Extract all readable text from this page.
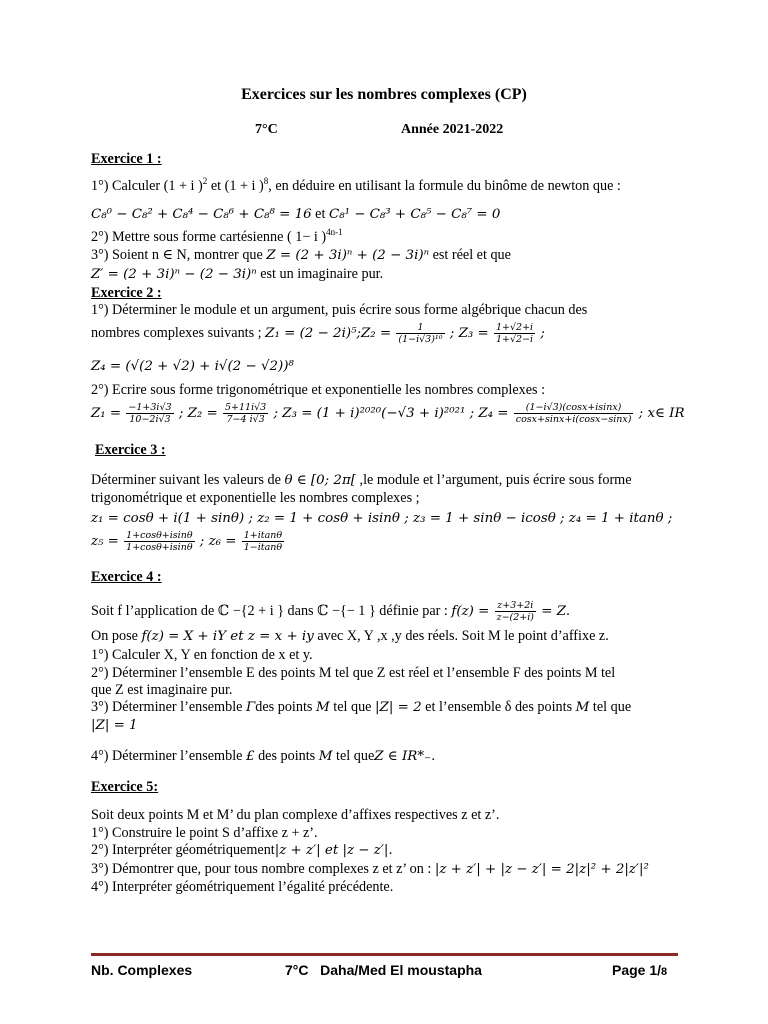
Exercices sur les nombres complexes (CP)
7°C	Année 2021-2022
Exercice 1 :
1°) Calculer (1 + i )$^2$ et (1 + i )$^8$, en déduire en utilisant la formule du binôme de newton que :
C₈⁰ − C₈² + C₈⁴ − C₈⁶ + C₈⁸ = 16 et C₈¹ − C₈³ + C₈⁵ − C₈⁷ = 0
2°) Mettre sous forme cartésienne ( 1− i )$^{4n-1}$
3°) Soient n ∈ N, montrer que Z = (2 + 3i)ⁿ + (2 − 3i)ⁿ est réel et que
Z′ = (2 + 3i)ⁿ − (2 − 3i)ⁿ est un imaginaire pur.
Exercice 2 :
1°) Déterminer le module et un argument, puis écrire sous forme algébrique chacun des
nombres complexes suivants ; Z₁ = (2 − 2i)⁵;Z₂ = $\frac{1}{\text{(1−i√3)¹⁰}}$ ; $Z_3 = \frac{1+√2+i}{1+√2-i}$ ;
Z₄ = (√(2 + √2) + i√(2 − √2))⁸
2°) Ecrire sous forme trigonométrique et exponentielle les nombres complexes :
$Z_1 = \frac{-1+3i√3}{10-2i√3}$ ; $Z_2 = \frac{5+11i√3}{7-4 i√3}$ ; Z₃ = (1 + i)²⁰²⁰(−√3 + i)²⁰²¹ ; $Z_4 = \frac{(1-i√3)(\cos x+isinx)}{\cos x+\sin x+i(\cos x-\sin x)}$ ; x∈ IR
Exercice 3 :
Déterminer suivant les valeurs de θ ∈ [0; 2π[ ,le module et l’argument, puis écrire sous forme
trigonométrique et exponentielle les nombres complexes ;
z₁ = cosθ + i(1 + sinθ) ; z₂ = 1 + cosθ + isinθ ; z₃ = 1 + sinθ − icosθ ; z₄ = 1 + itanθ ;
$z_5 = \frac{1+\cos\theta+isin\theta}{1+\cos\theta+isin\theta}$ ; $z_6 = \frac{1+itan\theta}{1-itan\theta}$
Exercice 4 :
Soit f l’application de ℂ −{2 + i } dans ℂ −{− 1 } définie par : $f(z) = \frac{z+3+2i}{z-(2+i)} = Z$.
On pose f(z) = X + iY et z = x + iy avec X, Y ,x ,y des réels. Soit M le point d’affixe z.
1°) Calculer X, Y en fonction de x et y.
2°) Déterminer l’ensemble E des points M tel que Z est réel et l’ensemble F des points M tel
que Z est imaginaire pur.
3°) Déterminer l’ensemble Γdes points M tel que |Z| = 2 et l’ensemble δ des points M tel que
|Z| = 1
4°) Déterminer l’ensemble £ des points M tel queZ ∈ IR*₋.
Exercice 5:
Soit deux points M et M’ du plan complexe d’affixes respectives z et z’.
1°) Construire le point S d’affixe z + z’.
2°) Interpréter géométriquement|z + z′| et |z − z′|.
3°) Démontrer que, pour tous nombre complexes z et z’ on : |z + z′| + |z − z′| = 2|z|² + 2|z′|²
4°) Interpréter géométriquement l’égalité précédente.
Nb. Complexes	7°C   Daha/Med El moustapha	Page 1/8
